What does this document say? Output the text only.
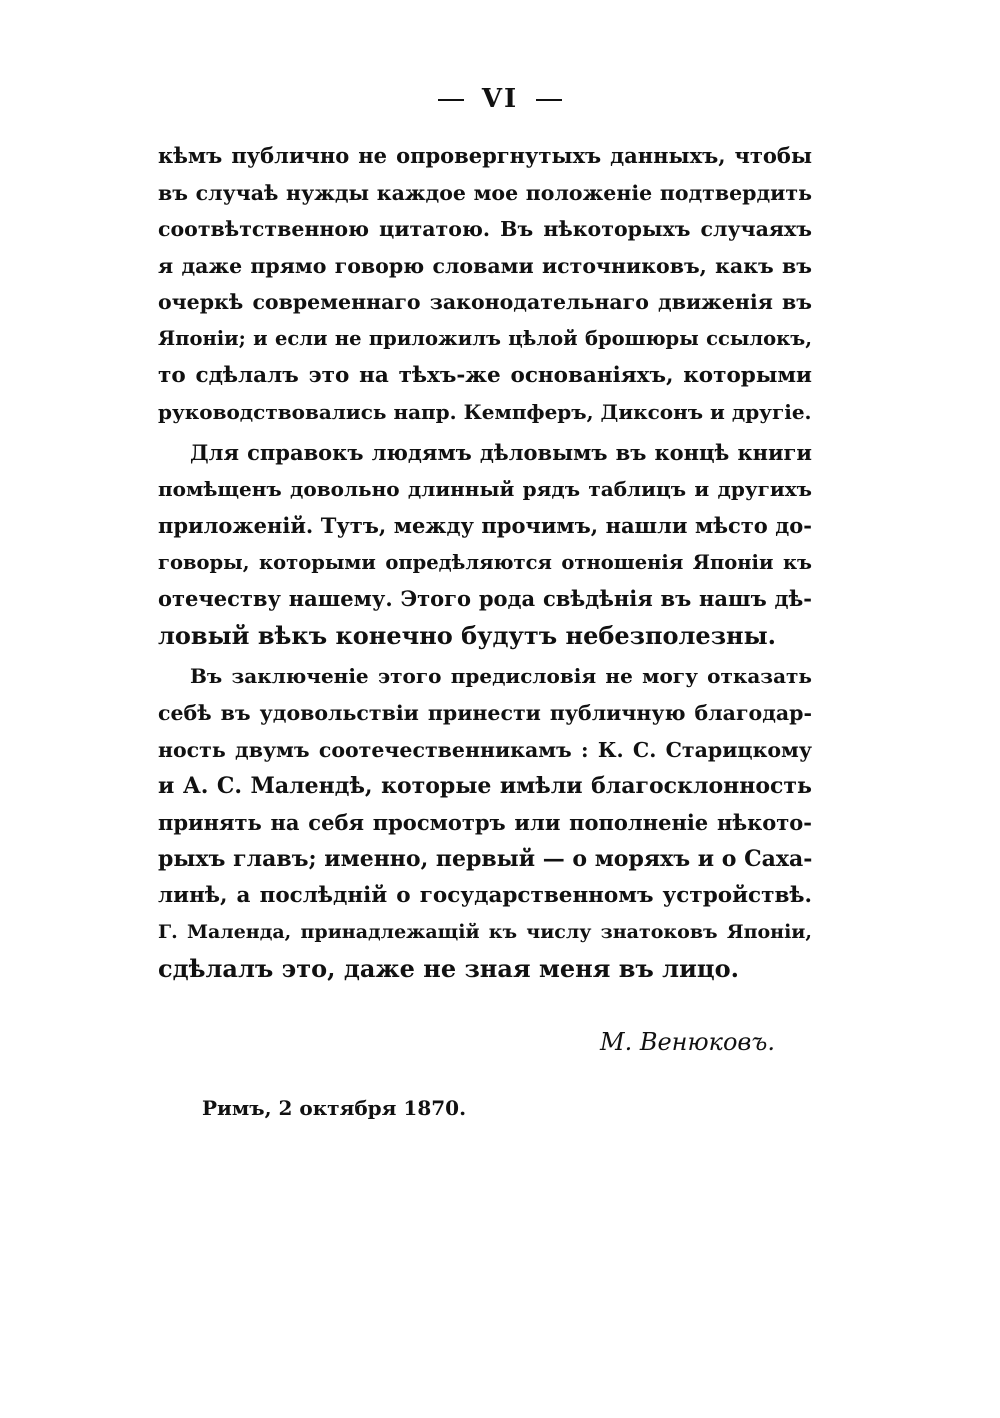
VI
кѣмъ публично не опровергнутыхъ данныхъ, чтобы
въ случаѣ нужды каждое мое положеніе подтвердить
соотвѣтственною цитатою. Въ нѣкоторыхъ случаяхъ
я даже прямо говорю словами источниковъ, какъ въ
очеркѣ современнаго законодательнаго движенія въ
Японіи; и если не приложилъ цѣлой брошюры ссылокъ,
то сдѣлалъ это на тѣхъ-же основаніяхъ, которыми
руководствовались напр. Кемпферъ, Диксонъ и другіе.
Для справокъ людямъ дѣловымъ въ концѣ книги
помѣщенъ довольно длинный рядъ таблицъ и другихъ
приложеній. Тутъ, между прочимъ, нашли мѣсто до-
говоры, которыми опредѣляются отношенія Японіи къ
отечеству нашему. Этого рода свѣдѣнія въ нашъ дѣ-
ловый вѣкъ конечно будутъ небезполезны.
Въ заключеніе этого предисловія не могу отказать
себѣ въ удовольствіи принести публичную благодар-
ность двумъ соотечественникамъ : К. С. Старицкому
и А. С. Малендѣ, которые имѣли благосклонность
принять на себя просмотръ или пополненіе нѣкото-
рыхъ главъ; именно, первый — о моряхъ и о Саха-
линѣ, а послѣдній о государственномъ устройствѣ.
Г. Маленда, принадлежащій къ числу знатоковъ Японіи,
сдѣлалъ это, даже не зная меня въ лицо.
М. Венюковъ.
Римъ, 2 октября 1870.
